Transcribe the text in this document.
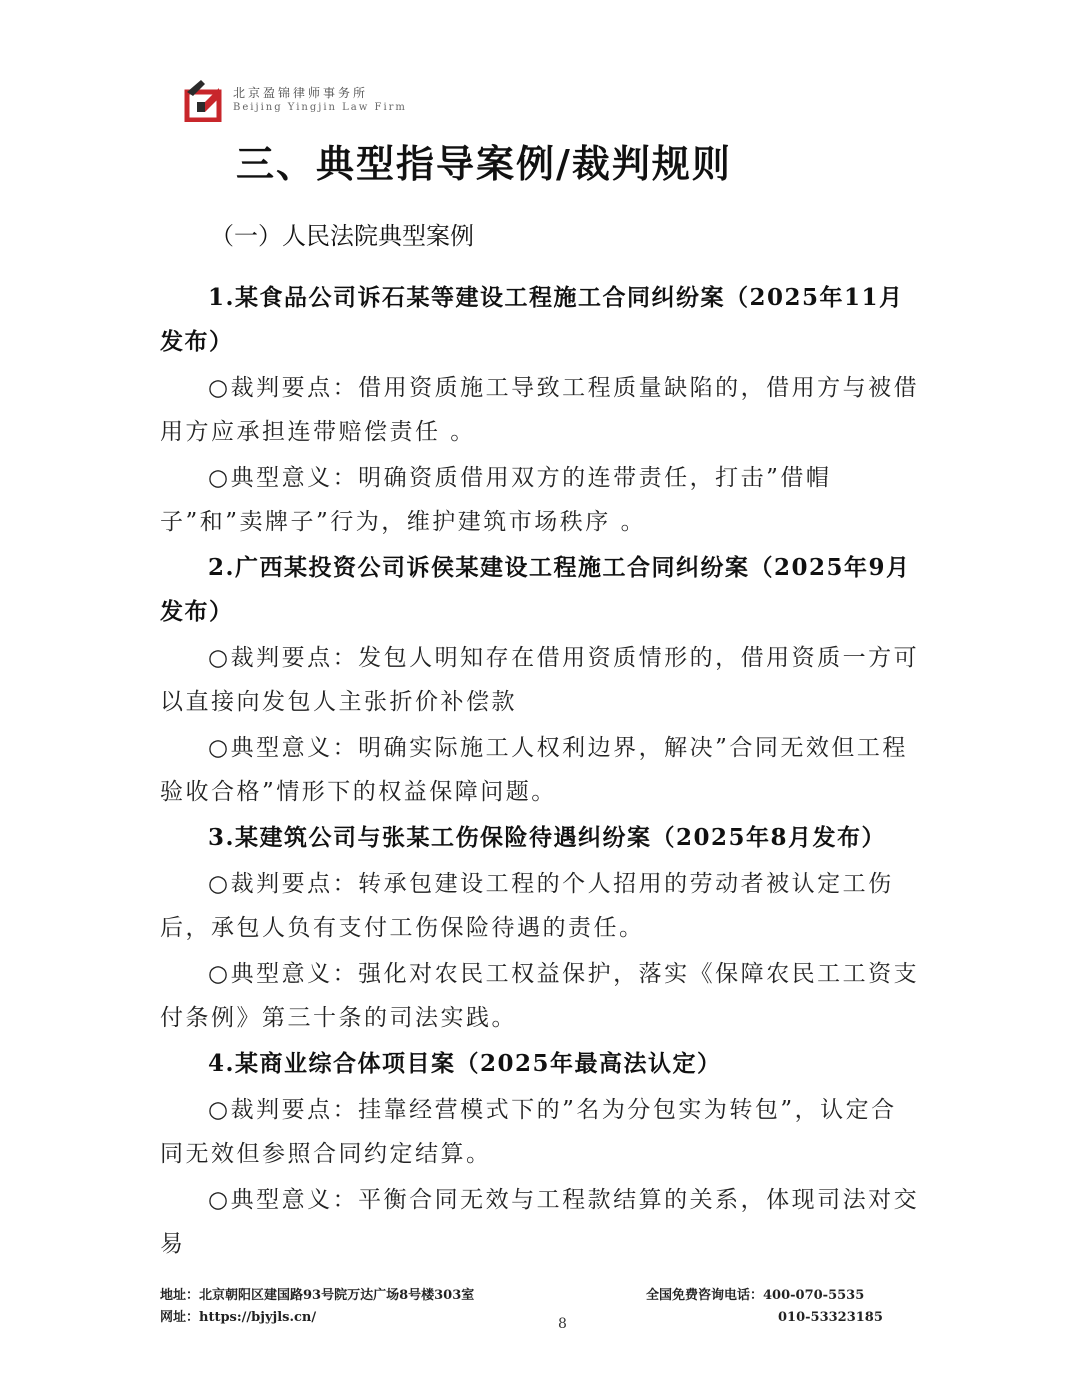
北京盈锦律师事务所
Beijing Yingjin Law Firm
三、典型指导案例/裁判规则
（一）人民法院典型案例

1.某食品公司诉石某等建设工程施工合同纠纷案（2025年11月发布）

○裁判要点：借用资质施工导致工程质量缺陷的，借用方与被借用方应承担连带赔偿责任 。

○典型意义：明确资质借用双方的连带责任，打击”借帽子”和”卖牌子”行为，维护建筑市场秩序 。

2.广西某投资公司诉侯某建设工程施工合同纠纷案（2025年9月发布）

○裁判要点：发包人明知存在借用资质情形的，借用资质一方可以直接向发包人主张折价补偿款

○典型意义：明确实际施工人权利边界，解决”合同无效但工程验收合格”情形下的权益保障问题。

3.某建筑公司与张某工伤保险待遇纠纷案（2025年8月发布）

○裁判要点：转承包建设工程的个人招用的劳动者被认定工伤后，承包人负有支付工伤保险待遇的责任。

○典型意义：强化对农民工权益保护，落实《保障农民工工资支付条例》第三十条的司法实践。

4.某商业综合体项目案（2025年最高法认定）

○裁判要点：挂靠经营模式下的”名为分包实为转包”，认定合同无效但参照合同约定结算。

○典型意义：平衡合同无效与工程款结算的关系，体现司法对交易

地址：北京朝阳区建国路93号院万达广场8号楼303室
网址：https://bjyjls.cn/
全国免费咨询电话：400-070-5535
010-53323185
8
